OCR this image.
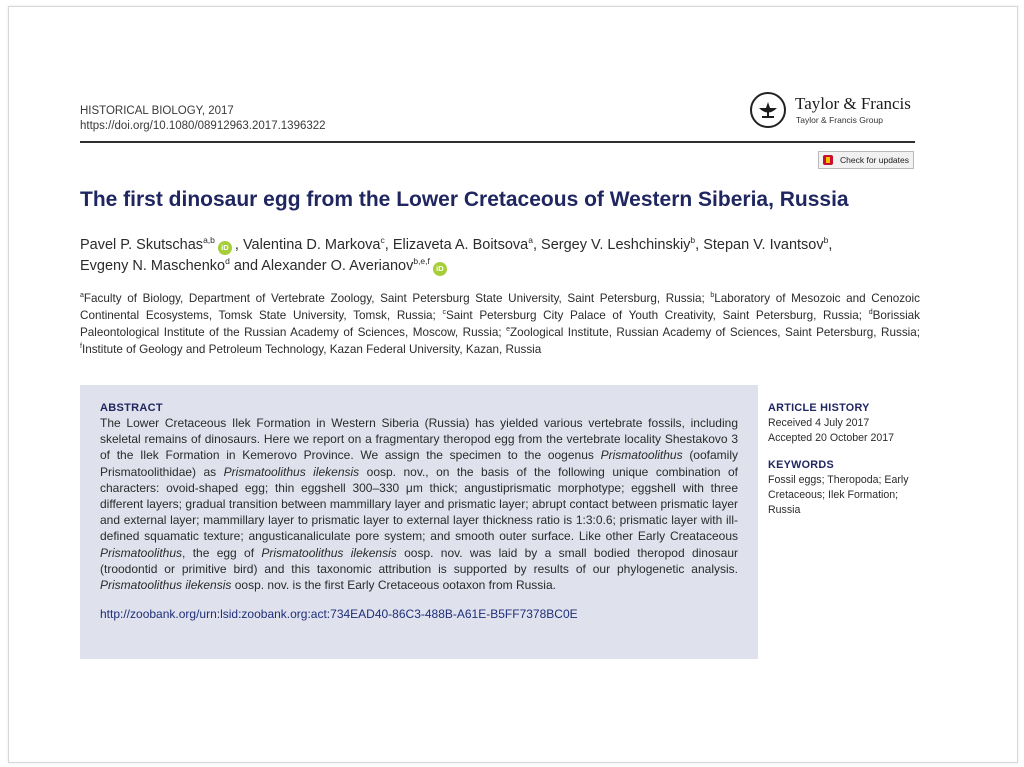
HISTORICAL BIOLOGY, 2017
https://doi.org/10.1080/08912963.2017.1396322
Taylor & Francis
Taylor & Francis Group
Check for updates
The first dinosaur egg from the Lower Cretaceous of Western Siberia, Russia
Pavel P. Skutschas$^{a,b}$iD , Valentina D. Markova$^c$, Elizaveta A. Boitsova$^a$, Sergey V. Leshchinskiy$^b$, Stepan V. Ivantsov$^b$,
Evgeny N. Maschenko$^d$ and Alexander O. Averianov$^{b,e,f}$iD
$^a$Faculty of Biology, Department of Vertebrate Zoology, Saint Petersburg State University, Saint Petersburg, Russia; $^b$Laboratory of Mesozoic and Cenozoic Continental Ecosystems, Tomsk State University, Tomsk, Russia; $^c$Saint Petersburg City Palace of Youth Creativity, Saint Petersburg, Russia; $^d$Borissiak Paleontological Institute of the Russian Academy of Sciences, Moscow, Russia; $^e$Zoological Institute, Russian Academy of Sciences, Saint Petersburg, Russia; $^f$Institute of Geology and Petroleum Technology, Kazan Federal University, Kazan, Russia
ABSTRACT
The Lower Cretaceous Ilek Formation in Western Siberia (Russia) has yielded various vertebrate fossils, including skeletal remains of dinosaurs. Here we report on a fragmentary theropod egg from the vertebrate locality Shestakovo 3 of the Ilek Formation in Kemerovo Province. We assign the specimen to the oogenus Prismatoolithus (oofamily Prismatoolithidae) as Prismatoolithus ilekensis oosp. nov., on the basis of the following unique combination of characters: ovoid-shaped egg; thin eggshell 300–330 μm thick; angustiprismatic morphotype; eggshell with three different layers; gradual transition between mammillary layer and prismatic layer; abrupt contact between prismatic layer and external layer; mammillary layer to prismatic layer to external layer thickness ratio is 1:3:0.6; prismatic layer with ill-defined squamatic texture; angusticanaliculate pore system; and smooth outer surface. Like other Early Creataceous Prismatoolithus, the egg of Prismatoolithus ilekensis oosp. nov. was laid by a small bodied theropod dinosaur (troodontid or primitive bird) and this taxonomic attribution is supported by results of our phylogenetic analysis. Prismatoolithus ilekensis oosp. nov. is the first Early Cretaceous ootaxon from Russia.
http://zoobank.org/urn:lsid:zoobank.org:act:734EAD40-86C3-488B-A61E-B5FF7378BC0E
ARTICLE HISTORY
Received 4 July 2017
Accepted 20 October 2017
KEYWORDS
Fossil eggs; Theropoda; Early Cretaceous; Ilek Formation; Russia
